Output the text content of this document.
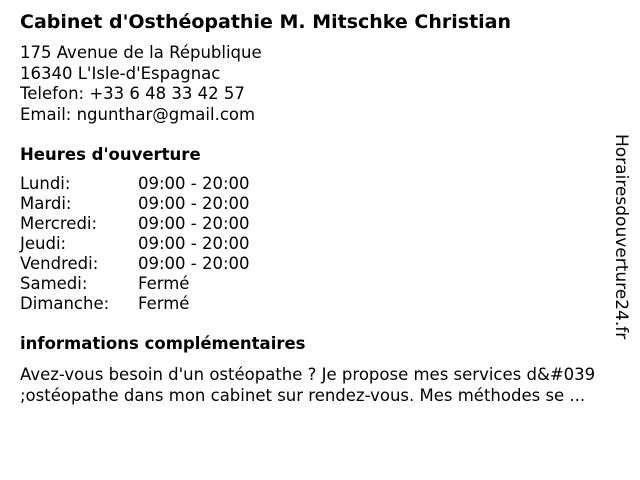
Cabinet d'Osthéopathie M. Mitschke Christian
175 Avenue de la République
16340 L'Isle-d'Espagnac
Telefon: +33 6 48 33 42 57
Email: ngunthar@gmail.com
Heures d'ouverture
Lundi:	09:00 - 20:00
Mardi:	09:00 - 20:00
Mercredi: 09:00 - 20:00
Jeudi:	09:00 - 20:00
Vendredi: 09:00 - 20:00
Samedi:	Fermé
Dimanche: Fermé
informations complémentaires
Avez-vous besoin d'un ostéopathe ? Je propose mes services d&#039
;ostéopathe dans mon cabinet sur rendez-vous. Mes méthodes se ...
Horairesdouverture24.fr
